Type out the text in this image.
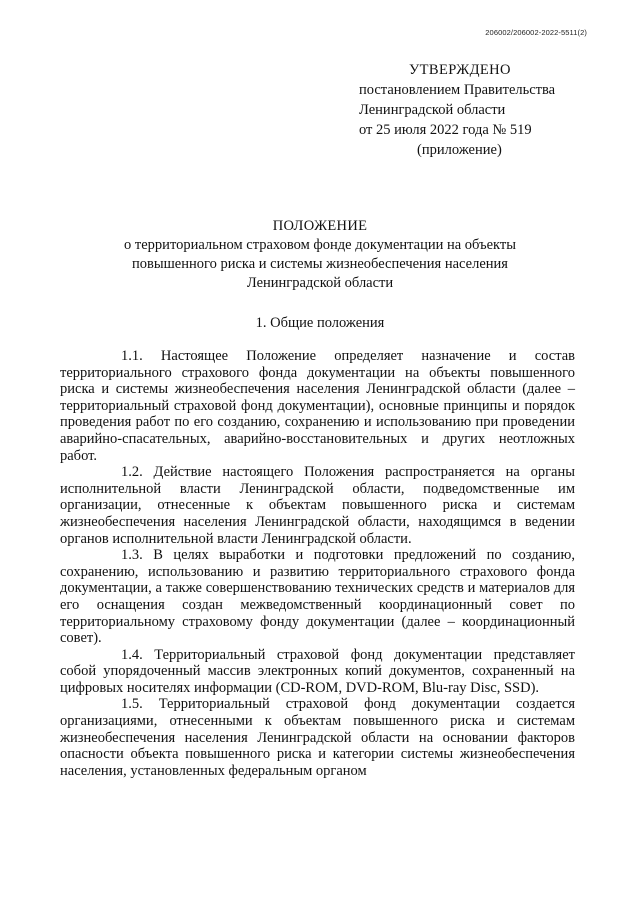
206002/206002-2022-5511(2)
УТВЕРЖДЕНО
постановлением Правительства
Ленинградской области
от 25 июля 2022 года № 519
(приложение)
ПОЛОЖЕНИЕ
о территориальном страховом фонде документации на объекты
повышенного риска и системы жизнеобеспечения населения
Ленинградской области
1. Общие положения

1.1. Настоящее Положение определяет назначение и состав территориального страхового фонда документации на объекты повышенного риска и системы жизнеобеспечения населения Ленинградской области (далее – территориальный страховой фонд документации), основные принципы и порядок проведения работ по его созданию, сохранению и использованию при проведении аварийно-спасательных, аварийно-восстановительных и других неотложных работ.

1.2. Действие настоящего Положения распространяется на органы исполнительной власти Ленинградской области, подведомственные им организации, отнесенные к объектам повышенного риска и системам жизнеобеспечения населения Ленинградской области, находящимся в ведении органов исполнительной власти Ленинградской области.

1.3. В целях выработки и подготовки предложений по созданию, сохранению, использованию и развитию территориального страхового фонда документации, а также совершенствованию технических средств и материалов для его оснащения создан межведомственный координационный совет по территориальному страховому фонду документации (далее – координационный совет).

1.4. Территориальный страховой фонд документации представляет собой упорядоченный массив электронных копий документов, сохраненный на цифровых носителях информации (CD-ROM, DVD-ROM, Blu-ray Disc, SSD).

1.5. Территориальный страховой фонд документации создается организациями, отнесенными к объектам повышенного риска и системам жизнеобеспечения населения Ленинградской области на основании факторов опасности объекта повышенного риска и категории системы жизнеобеспечения населения, установленных федеральным органом
